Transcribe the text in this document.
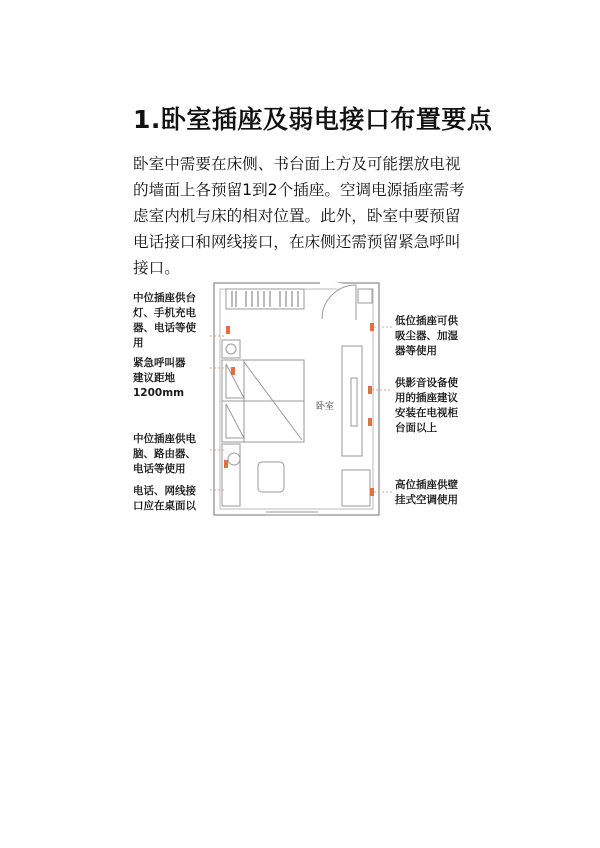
1.卧室插座及弱电接口布置要点
卧室中需要在床侧、书台面上方及可能摆放电视
的墙面上各预留1到2个插座。空调电源插座需考
虑室内机与床的相对位置。此外，卧室中要预留
电话接口和网线接口，在床侧还需预留紧急呼叫
接口。
卧室
中位插座供台
灯、手机充电
器、电话等使
用
紧急呼叫器
建议距地
1200mm
中位插座供电
脑、路由器、
电话等使用
电话、网线接
口应在桌面以
低位插座可供
吸尘器、加湿
器等使用
供影音设备使
用的插座建议
安装在电视柜
台面以上
高位插座供壁
挂式空调使用
